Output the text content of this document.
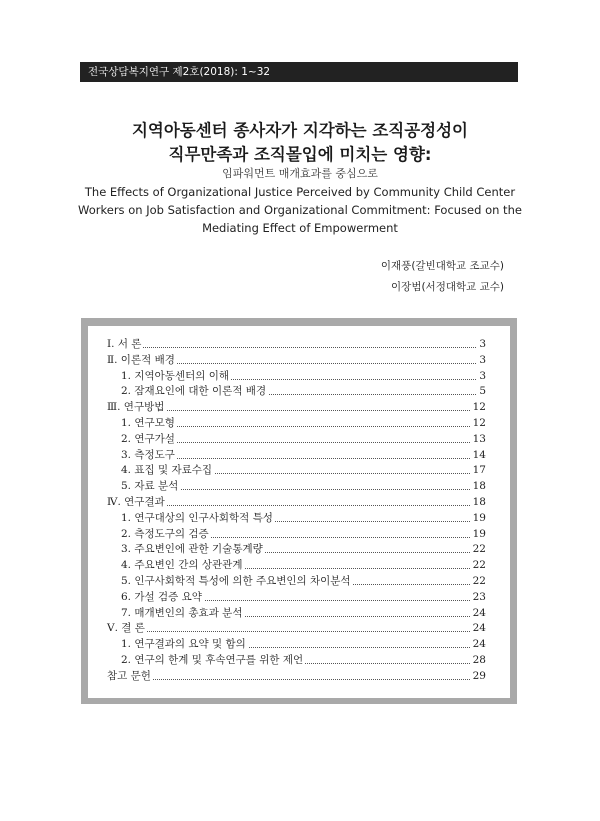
전국상담복지연구 제2호(2018): 1~32
지역아동센터 종사자가 지각하는 조직공정성이
직무만족과 조직몰입에 미치는 영향:
임파워먼트 매개효과를 중심으로
The Effects of Organizational Justice Perceived by Community Child Center
Workers on Job Satisfaction and Organizational Commitment: Focused on the
Mediating Effect of Empowerment
이재풍(갈빈대학교 조교수)
이장범(서정대학교 교수)
Ⅰ. 서 론	3
Ⅱ. 이론적 배경	3
1. 지역아동센터의 이해	3
2. 잠재요인에 대한 이론적 배경	5
Ⅲ. 연구방법	12
1. 연구모형	12
2. 연구가설	13
3. 측정도구	14
4. 표집 및 자료수집	17
5. 자료 분석	18
Ⅳ. 연구결과	18
1. 연구대상의 인구사회학적 특성	19
2. 측정도구의 검증	19
3. 주요변인에 관한 기술통계량	22
4. 주요변인 간의 상관관계	22
5. 인구사회학적 특성에 의한 주요변인의 차이분석	22
6. 가설 검증 요약	23
7. 매개변인의 총효과 분석	24
Ⅴ. 결 론	24
1. 연구결과의 요약 및 함의	24
2. 연구의 한계 및 후속연구를 위한 제언	28
참고 문헌	29
